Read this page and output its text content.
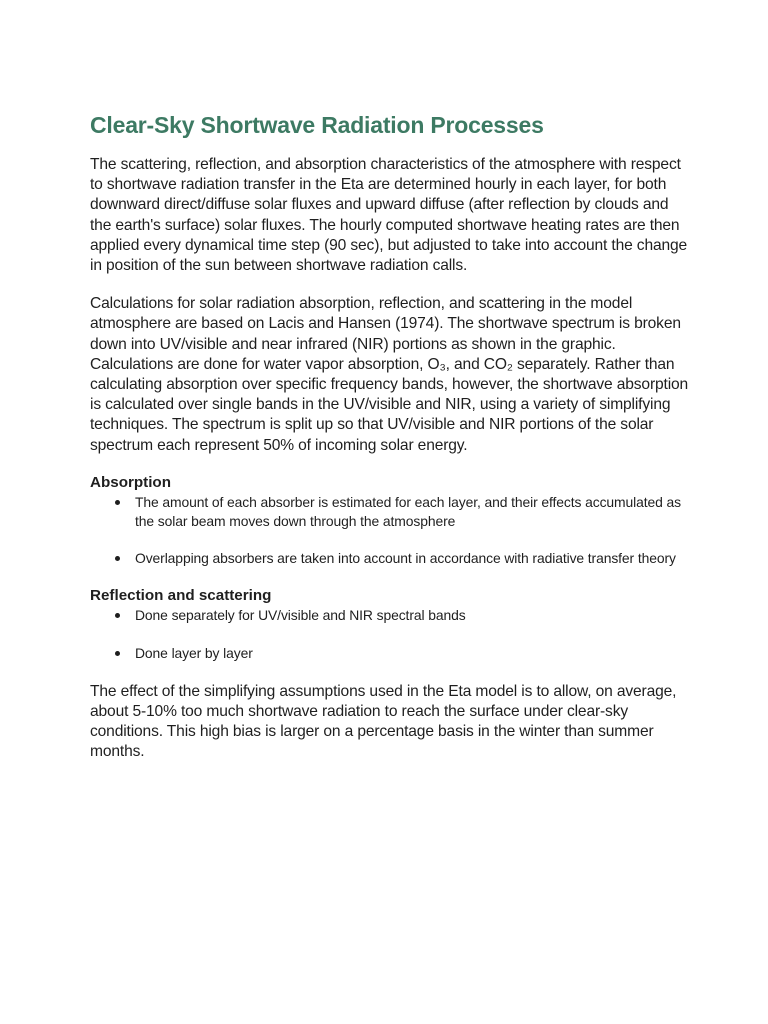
Clear-Sky Shortwave Radiation Processes

The scattering, reflection, and absorption characteristics of the atmosphere with respect to shortwave radiation transfer in the Eta are determined hourly in each layer, for both downward direct/diffuse solar fluxes and upward diffuse (after reflection by clouds and the earth's surface) solar fluxes. The hourly computed shortwave heating rates are then applied every dynamical time step (90 sec), but adjusted to take into account the change in position of the sun between shortwave radiation calls.

Calculations for solar radiation absorption, reflection, and scattering in the model atmosphere are based on Lacis and Hansen (1974). The shortwave spectrum is broken down into UV/visible and near infrared (NIR) portions as shown in the graphic. Calculations are done for water vapor absorption, O₃, and CO₂ separately. Rather than calculating absorption over specific frequency bands, however, the shortwave absorption is calculated over single bands in the UV/visible and NIR, using a variety of simplifying techniques. The spectrum is split up so that UV/visible and NIR portions of the solar spectrum each represent 50% of incoming solar energy.

Absorption
The amount of each absorber is estimated for each layer, and their effects accumulated as the solar beam moves down through the atmosphere
Overlapping absorbers are taken into account in accordance with radiative transfer theory
Reflection and scattering
Done separately for UV/visible and NIR spectral bands
Done layer by layer

The effect of the simplifying assumptions used in the Eta model is to allow, on average, about 5-10% too much shortwave radiation to reach the surface under clear-sky conditions. This high bias is larger on a percentage basis in the winter than summer months.
